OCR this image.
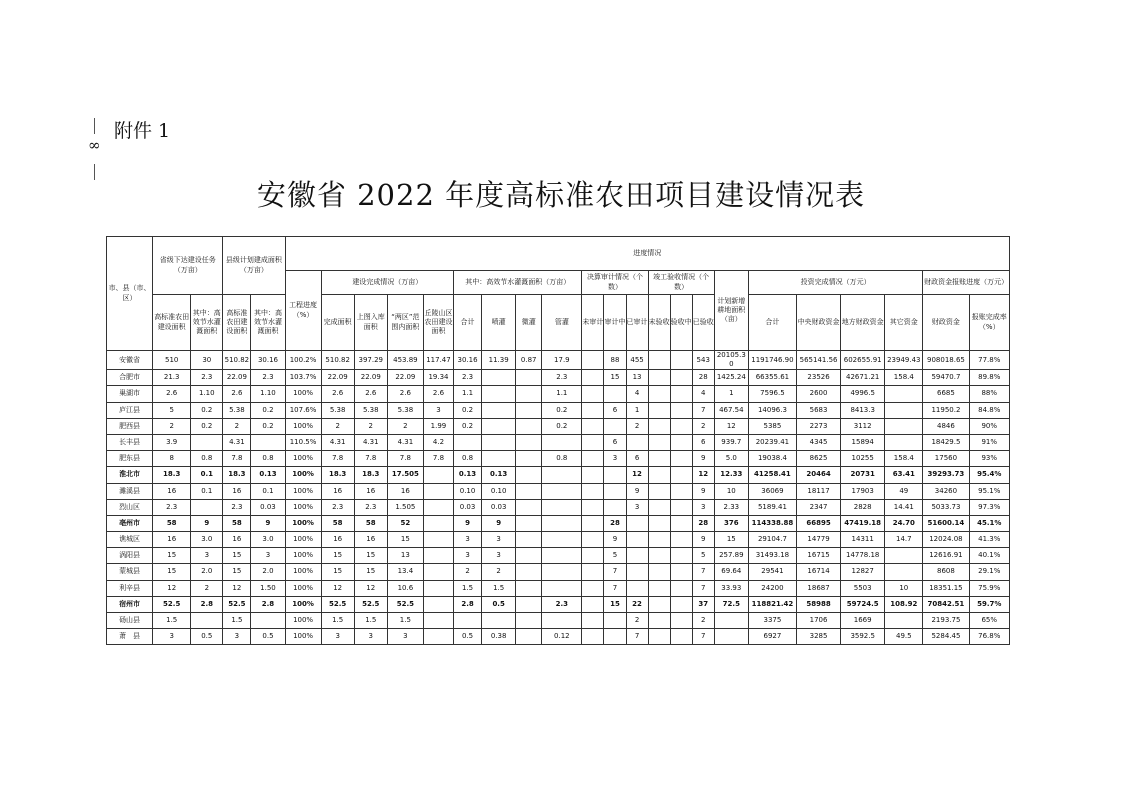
附件 1
∞
安徽省 2022 年度高标准农田项目建设情况表
市、县（市、区）	省级下达建设任务（万亩）		县级计划建成面积（万亩）		进度情况																					
					工程进度（%）	建设完成情况（万亩）				其中：高效节水灌溉面积（万亩）				决算审计情况（个数）			竣工验收情况（个数）			计划新增耕地面积（亩）	投资完成情况（万元）				财政资金报账进度（万元）	
	高标准农田建设面积	其中：高效节水灌溉面积	高标准农田建设面积	其中：高效节水灌溉面积		完成面积	上图入库面积	“两区”范围内面积	丘陵山区农田建设面积	合计	喷灌	微灌	管灌	未审计	审计中	已审计	未验收	验收中	已验收		合计	中央财政资金	地方财政资金	其它资金	财政资金	报账完成率（%）
安徽省	510	30	510.82	30.16	100.2%	510.82	397.29	453.89	117.47	30.16	11.39	0.87	17.9		88	455			543	20105.30	1191746.90	565141.56	602655.91	23949.43	908018.65	77.8%
合肥市	21.3	2.3	22.09	2.3	103.7%	22.09	22.09	22.09	19.34	2.3			2.3		15	13			28	1425.24	66355.61	23526	42671.21	158.4	59470.7	89.8%
巢湖市	2.6	1.10	2.6	1.10	100%	2.6	2.6	2.6	2.6	1.1			1.1			4			4	1	7596.5	2600	4996.5		6685	88%
庐江县	5	0.2	5.38	0.2	107.6%	5.38	5.38	5.38	3	0.2			0.2		6	1			7	467.54	14096.3	5683	8413.3		11950.2	84.8%
肥西县	2	0.2	2	0.2	100%	2	2	2	1.99	0.2			0.2			2			2	12	5385	2273	3112		4846	90%
长丰县	3.9		4.31		110.5%	4.31	4.31	4.31	4.2						6				6	939.7	20239.41	4345	15894		18429.5	91%
肥东县	8	0.8	7.8	0.8	100%	7.8	7.8	7.8	7.8	0.8			0.8		3	6			9	5.0	19038.4	8625	10255	158.4	17560	93%
淮北市	18.3	0.1	18.3	0.13	100%	18.3	18.3	17.505		0.13	0.13					12			12	12.33	41258.41	20464	20731	63.41	39293.73	95.4%
濉溪县	16	0.1	16	0.1	100%	16	16	16		0.10	0.10					9			9	10	36069	18117	17903	49	34260	95.1%
烈山区	2.3		2.3	0.03	100%	2.3	2.3	1.505		0.03	0.03					3			3	2.33	5189.41	2347	2828	14.41	5033.73	97.3%
亳州市	58	9	58	9	100%	58	58	52		9	9				28				28	376	114338.88	66895	47419.18	24.70	51600.14	45.1%
谯城区	16	3.0	16	3.0	100%	16	16	15		3	3				9				9	15	29104.7	14779	14311	14.7	12024.08	41.3%
涡阳县	15	3	15	3	100%	15	15	13		3	3				5				5	257.89	31493.18	16715	14778.18		12616.91	40.1%
蒙城县	15	2.0	15	2.0	100%	15	15	13.4		2	2				7				7	69.64	29541	16714	12827		8608	29.1%
利辛县	12	2	12	1.50	100%	12	12	10.6		1.5	1.5				7				7	33.93	24200	18687	5503	10	18351.15	75.9%
宿州市	52.5	2.8	52.5	2.8	100%	52.5	52.5	52.5		2.8	0.5		2.3		15	22			37	72.5	118821.42	58988	59724.5	108.92	70842.51	59.7%
砀山县	1.5		1.5		100%	1.5	1.5	1.5								2			2		3375	1706	1669		2193.75	65%
萧　县	3	0.5	3	0.5	100%	3	3	3		0.5	0.38		0.12			7			7		6927	3285	3592.5	49.5	5284.45	76.8%
